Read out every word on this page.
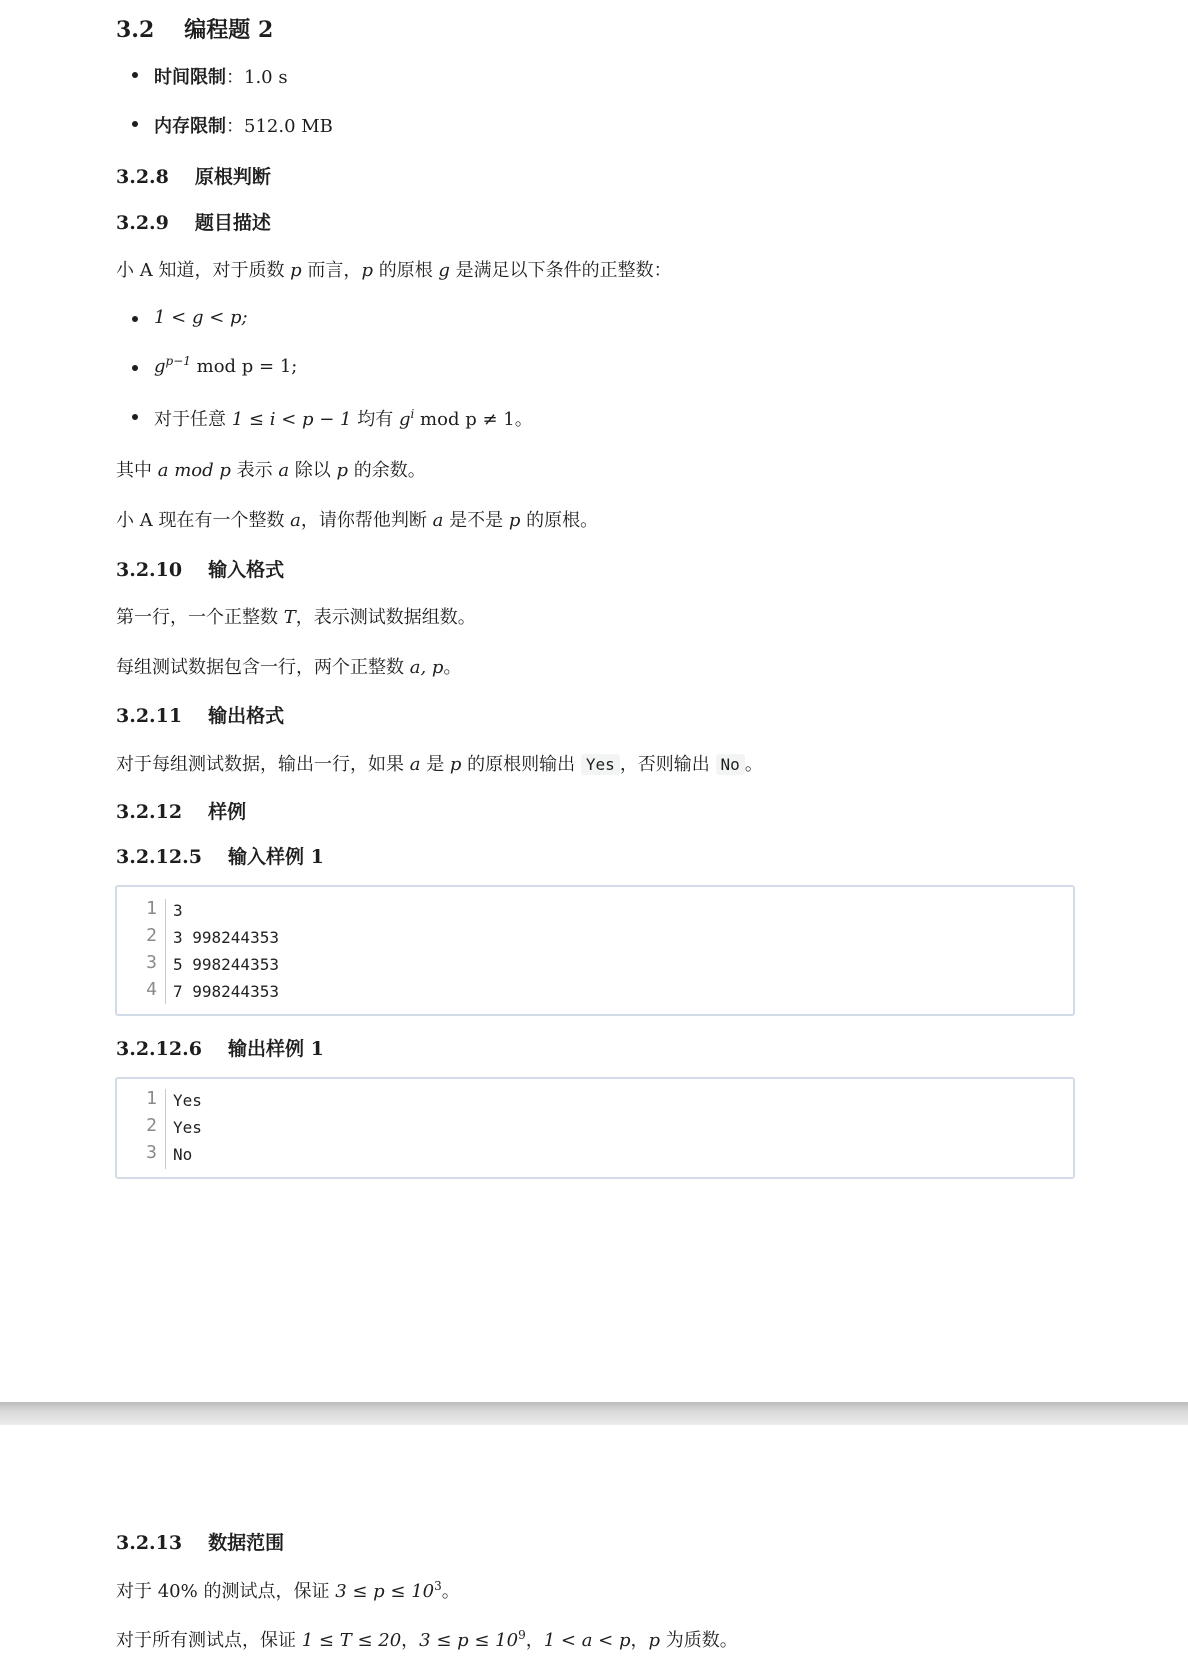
3.2 编程题 2
时间限制：1.0 s
内存限制：512.0 MB
3.2.8 原根判断
3.2.9 题目描述
小 A 知道，对于质数 p 而言，p 的原根 g 是满足以下条件的正整数：
1 < g < p;
$g^{p-1}$ mod p = 1;
对于任意 1 ≤ i < p − 1 均有 $g^i$ mod p ≠ 1。
其中 a mod p 表示 a 除以 p 的余数。
小 A 现在有一个整数 a，请你帮他判断 a 是不是 p 的原根。
3.2.10 输入格式
第一行，一个正整数 T，表示测试数据组数。
每组测试数据包含一行，两个正整数 a, p。
3.2.11 输出格式
对于每组测试数据，输出一行，如果 a 是 p 的原根则输出 Yes ，否则输出 No 。
3.2.12 样例
3.2.12.5 输入样例 1
1 3
2 3 998244353
3 5 998244353
4 7 998244353
3.2.12.6 输出样例 1
1 Yes
2 Yes
3 No
3.2.13 数据范围
对于 40% 的测试点，保证 $3 \le p \le 10^3$。
对于所有测试点，保证 1 ≤ T ≤ 20，$3 \le p \le 10^9$，1 < a < p，p 为质数。
